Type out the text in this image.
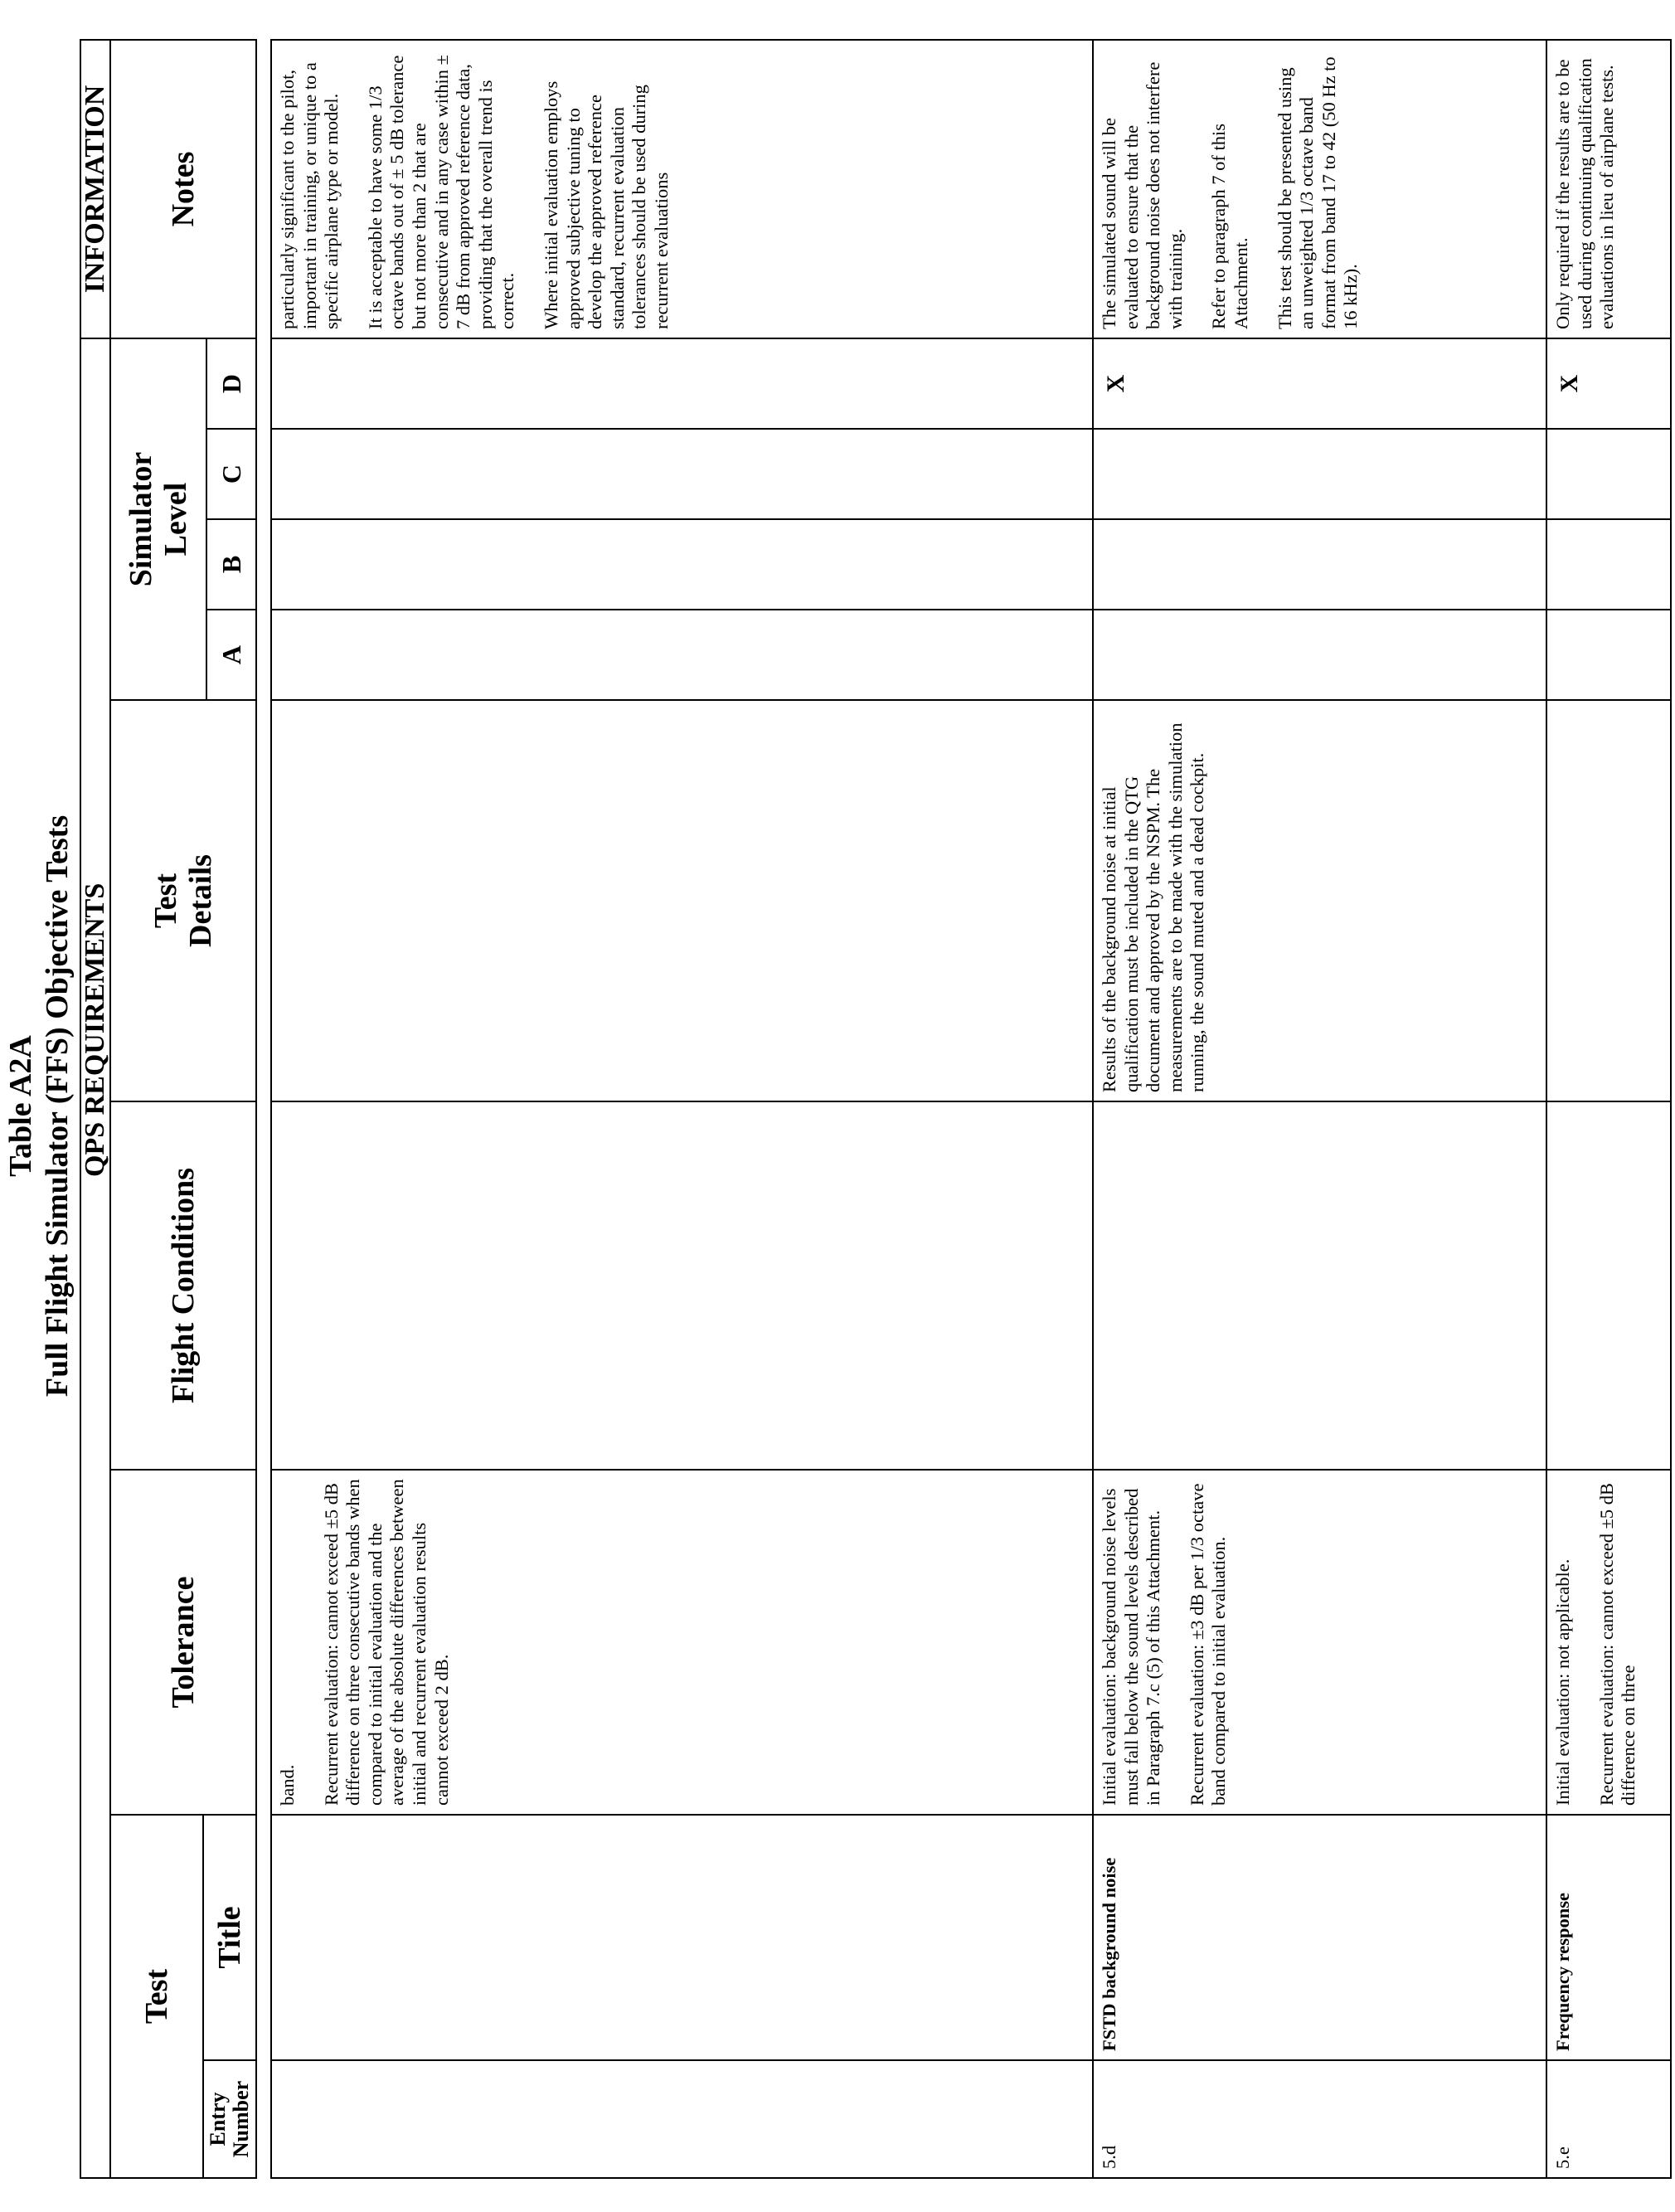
Table A2A Full Flight Simulator (FFS) Objective Tests QPS REQUIREMENTS
INFORMATION
Test
Entry Number
Title
Tolerance
Flight Conditions
Test Details
Simulator Level
A
B
C
D
Notes

band. Recurrent evaluation: cannot exceed ±5 dB difference on three consecutive bands when compared to initial evaluation and the average of the absolute differences between initial and recurrent evaluation results cannot exceed 2 dB.

particularly significant to the pilot, important in training, or unique to a specific airplane type or model. It is acceptable to have some 1/3 octave bands out of ± 5 dB tolerance but not more than 2 that are consecutive and in any case within ± 7 dB from approved reference data, providing that the overall trend is correct. Where initial evaluation employs approved subjective tuning to develop the approved reference standard, recurrent evaluation tolerances should be used during recurrent evaluations

5.d
FSTD background noise

Initial evaluation: background noise levels must fall below the sound levels described in Paragraph 7.c (5) of this Attachment. Recurrent evaluation: ±3 dB per 1/3 octave band compared to initial evaluation.

Results of the background noise at initial qualification must be included in the QTG document and approved by the NSPM. The measurements are to be made with the simulation running, the sound muted and a dead cockpit.

X

The simulated sound will be evaluated to ensure that the background noise does not interfere with training. Refer to paragraph 7 of this Attachment. This test should be presented using an unweighted 1/3 octave band format from band 17 to 42 (50 Hz to 16 kHz).

5.e
Frequency response

Initial evaluation: not applicable. Recurrent evaluation: cannot exceed ±5 dB difference on three

X

Only required if the results are to be used during continuing qualification evaluations in lieu of airplane tests.
